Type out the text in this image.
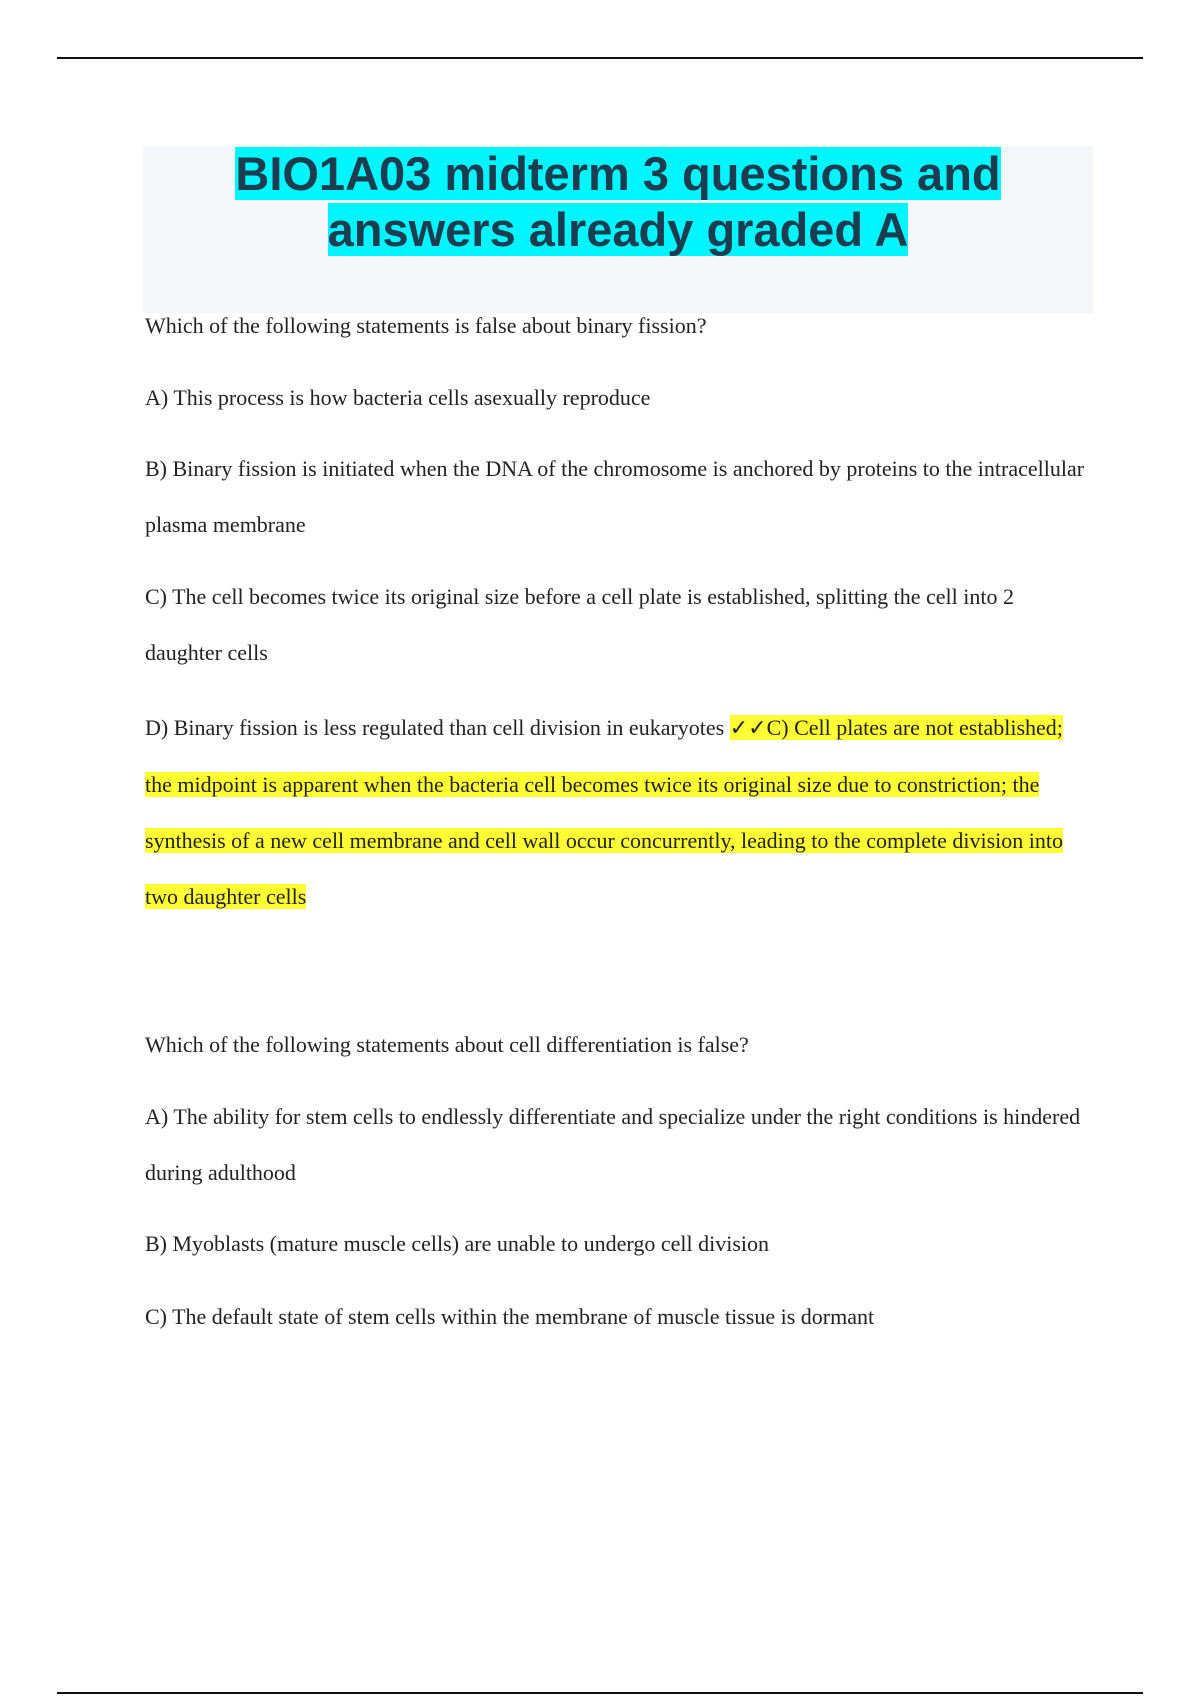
BIO1A03 midterm 3 questions and
answers already graded A

Which of the following statements is false about binary fission?

A) This process is how bacteria cells asexually reproduce

B) Binary fission is initiated when the DNA of the chromosome is anchored by proteins to the intracellular plasma membrane

C) The cell becomes twice its original size before a cell plate is established, splitting the cell into 2 daughter cells

D) Binary fission is less regulated than cell division in eukaryotes ✓✓C) Cell plates are not established; the midpoint is apparent when the bacteria cell becomes twice its original size due to constriction; the synthesis of a new cell membrane and cell wall occur concurrently, leading to the complete division into two daughter cells

Which of the following statements about cell differentiation is false?

A) The ability for stem cells to endlessly differentiate and specialize under the right conditions is hindered during adulthood

B) Myoblasts (mature muscle cells) are unable to undergo cell division

C) The default state of stem cells within the membrane of muscle tissue is dormant
